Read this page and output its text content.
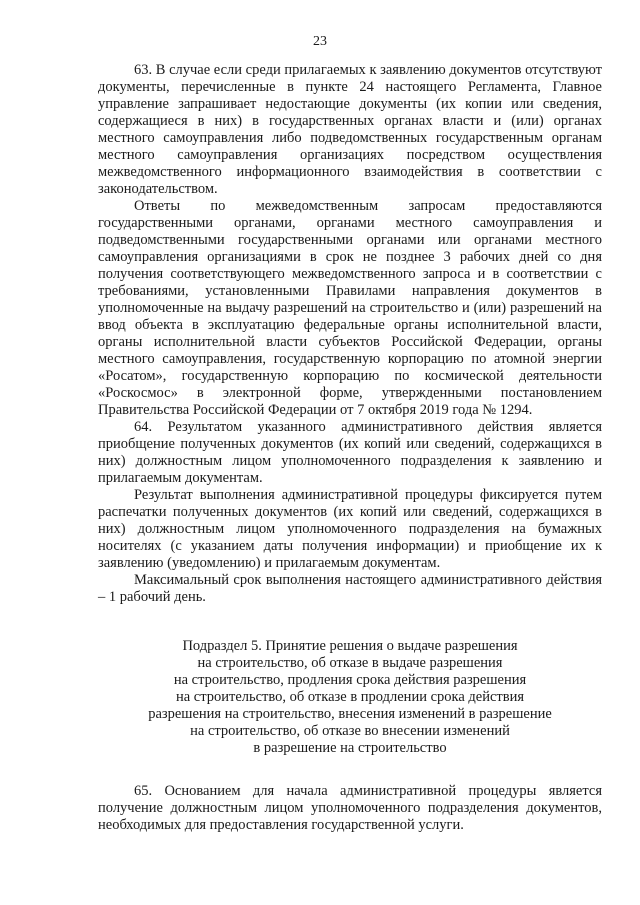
23

63. В случае если среди прилагаемых к заявлению документов отсутствуют документы, перечисленные в пункте 24 настоящего Регламента, Главное управление запрашивает недостающие документы (их копии или сведения, содержащиеся в них) в государственных органах власти и (или) органах местного самоуправления либо подведомственных государственным органам местного самоуправления организациях посредством осуществления межведомственного информационного взаимодействия в соответствии с законодательством.

Ответы по межведомственным запросам предоставляются государственными органами, органами местного самоуправления и подведомственными государственными органами или органами местного самоуправления организациями в срок не позднее 3 рабочих дней со дня получения соответствующего межведомственного запроса и в соответствии с требованиями, установленными Правилами направления документов в уполномоченные на выдачу разрешений на строительство и (или) разрешений на ввод объекта в эксплуатацию федеральные органы исполнительной власти, органы исполнительной власти субъектов Российской Федерации, органы местного самоуправления, государственную корпорацию по атомной энергии «Росатом», государственную корпорацию по космической деятельности «Роскосмос» в электронной форме, утвержденными постановлением Правительства Российской Федерации от 7 октября 2019 года № 1294.

64. Результатом указанного административного действия является приобщение полученных документов (их копий или сведений, содержащихся в них) должностным лицом уполномоченного подразделения к заявлению и прилагаемым документам.

Результат выполнения административной процедуры фиксируется путем распечатки полученных документов (их копий или сведений, содержащихся в них) должностным лицом уполномоченного подразделения на бумажных носителях (с указанием даты получения информации) и приобщение их к заявлению (уведомлению) и прилагаемым документам.

Максимальный срок выполнения настоящего административного действия – 1 рабочий день.

Подраздел 5. Принятие решения о выдаче разрешения
на строительство, об отказе в выдаче разрешения
на строительство, продления срока действия разрешения
на строительство, об отказе в продлении срока действия
разрешения на строительство, внесения изменений в разрешение
на строительство, об отказе во внесении изменений
в разрешение на строительство

65. Основанием для начала административной процедуры является получение должностным лицом уполномоченного подразделения документов, необходимых для предоставления государственной услуги.
